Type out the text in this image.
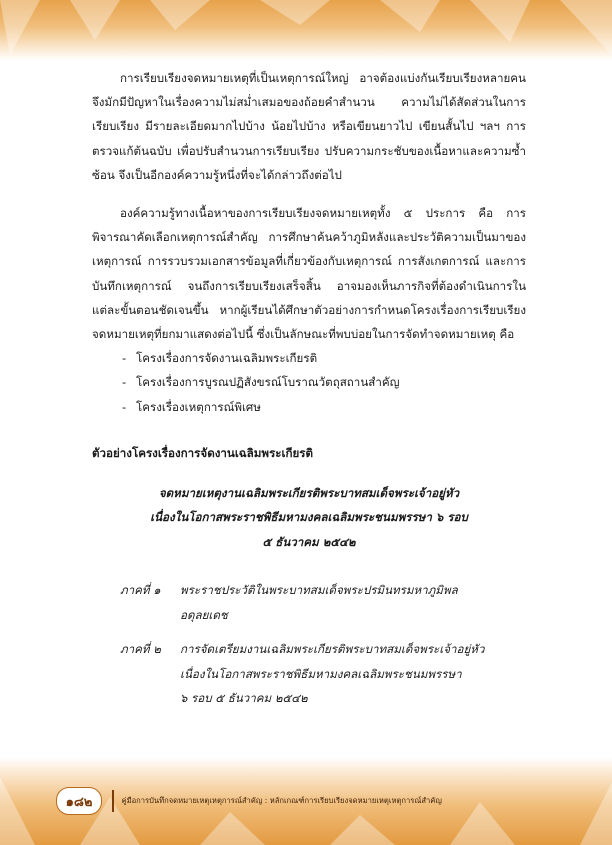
การเรียบเรียงจดหมายเหตุที่เป็นเหตุการณ์ใหญ่ อาจต้องแบ่งกันเรียบเรียงหลายคน จึงมักมีปัญหาในเรื่องความไม่สม่ำเสมอของถ้อยคำสำนวน ความไม่ได้สัดส่วนในการเรียบเรียง มีรายละเอียดมากไปบ้าง น้อยไปบ้าง หรือเขียนยาวไป เขียนสั้นไป ฯลฯ การตรวจแก้ต้นฉบับ เพื่อปรับสำนวนการเรียบเรียง ปรับความกระชับของเนื้อหาและความซ้ำซ้อน จึงเป็นอีกองค์ความรู้หนึ่งที่จะได้กล่าวถึงต่อไป

องค์ความรู้ทางเนื้อหาของการเรียบเรียงจดหมายเหตุทั้ง ๕ ประการ คือ การพิจารณาคัดเลือกเหตุการณ์สำคัญ การศึกษาค้นคว้าภูมิหลังและประวัติความเป็นมาของเหตุการณ์ การรวบรวมเอกสารข้อมูลที่เกี่ยวข้องกับเหตุการณ์ การสังเกตการณ์ และการบันทึกเหตุการณ์ จนถึงการเรียบเรียงเสร็จสิ้น อาจมองเห็นภารกิจที่ต้องดำเนินการในแต่ละขั้นตอนชัดเจนขึ้น หากผู้เรียนได้ศึกษาตัวอย่างการกำหนดโครงเรื่องการเรียบเรียงจดหมายเหตุที่ยกมาแสดงต่อไปนี้ ซึ่งเป็นลักษณะที่พบบ่อยในการจัดทำจดหมายเหตุ คือ

- โครงเรื่องการจัดงานเฉลิมพระเกียรติ
- โครงเรื่องการบูรณปฏิสังขรณ์โบราณวัตถุสถานสำคัญ
- โครงเรื่องเหตุการณ์พิเศษ
ตัวอย่างโครงเรื่องการจัดงานเฉลิมพระเกียรติ
จดหมายเหตุงานเฉลิมพระเกียรติพระบาทสมเด็จพระเจ้าอยู่หัว
เนื่องในโอกาสพระราชพิธีมหามงคลเฉลิมพระชนมพรรษา ๖ รอบ
๕ ธันวาคม ๒๕๔๒
ภาคที่ ๑	พระราชประวัติในพระบาทสมเด็จพระปรมินทรมหาภูมิพล
อดุลยเดช
ภาคที่ ๒	การจัดเตรียมงานเฉลิมพระเกียรติพระบาทสมเด็จพระเจ้าอยู่หัว
เนื่องในโอกาสพระราชพิธีมหามงคลเฉลิมพระชนมพรรษา
๖ รอบ ๕ ธันวาคม ๒๕๔๒
๑๘๒	คู่มือการบันทึกจดหมายเหตุเหตุการณ์สำคัญ : หลักเกณฑ์การเรียบเรียงจดหมายเหตุเหตุการณ์สำคัญ
